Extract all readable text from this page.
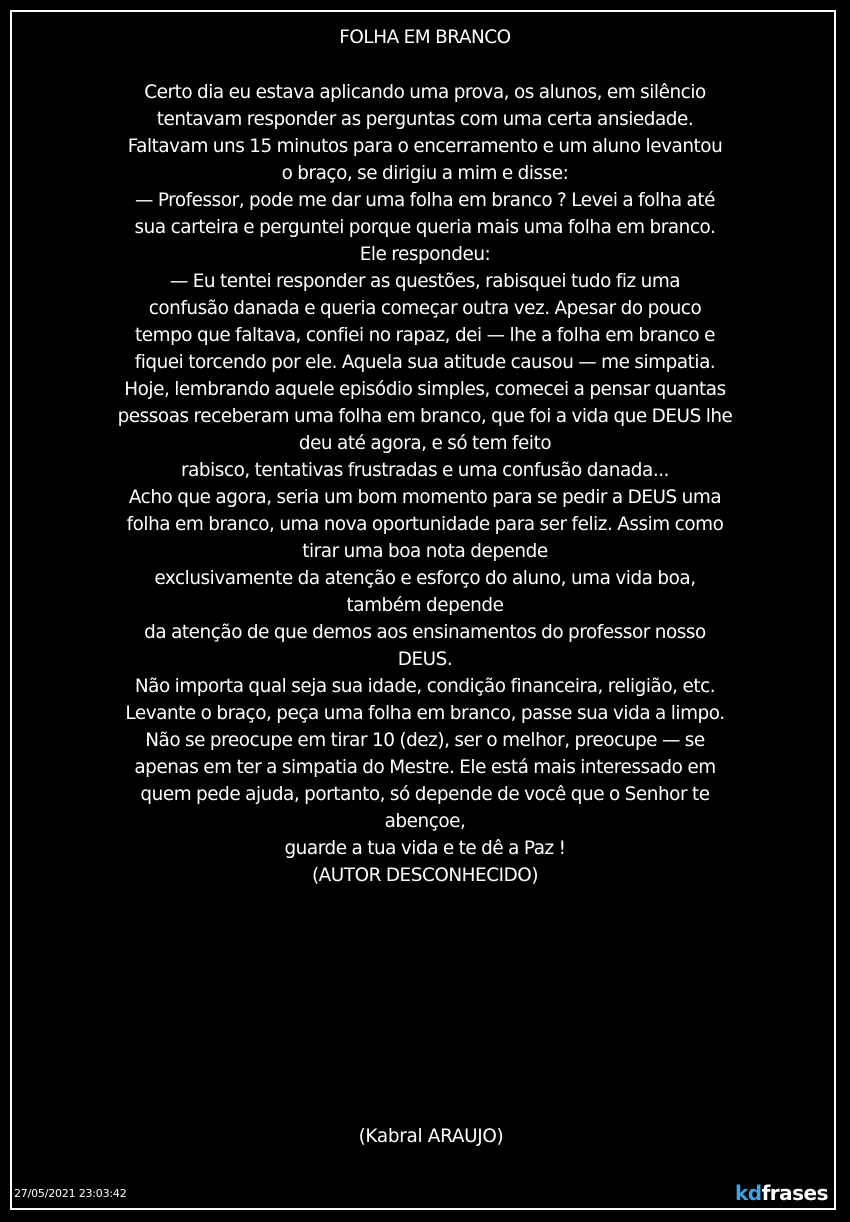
FOLHA EM BRANCO
Certo dia eu estava aplicando uma prova, os alunos, em silêncio
tentavam responder as perguntas com uma certa ansiedade.
Faltavam uns 15 minutos para o encerramento e um aluno levantou
o braço, se dirigiu a mim e disse:
— Professor, pode me dar uma folha em branco ? Levei a folha até
sua carteira e perguntei porque queria mais uma folha em branco.
Ele respondeu:
— Eu tentei responder as questões, rabisquei tudo fiz uma
confusão danada e queria começar outra vez. Apesar do pouco
tempo que faltava, confiei no rapaz, dei — lhe a folha em branco e
fiquei torcendo por ele. Aquela sua atitude causou — me simpatia.
Hoje, lembrando aquele episódio simples, comecei a pensar quantas
pessoas receberam uma folha em branco, que foi a vida que DEUS lhe
deu até agora, e só tem feito
rabisco, tentativas frustradas e uma confusão danada...
Acho que agora, seria um bom momento para se pedir a DEUS uma
folha em branco, uma nova oportunidade para ser feliz. Assim como
tirar uma boa nota depende
exclusivamente da atenção e esforço do aluno, uma vida boa,
também depende
da atenção de que demos aos ensinamentos do professor nosso
DEUS.
Não importa qual seja sua idade, condição financeira, religião, etc.
Levante o braço, peça uma folha em branco, passe sua vida a limpo.
Não se preocupe em tirar 10 (dez), ser o melhor, preocupe — se
apenas em ter a simpatia do Mestre. Ele está mais interessado em
quem pede ajuda, portanto, só depende de você que o Senhor te
abençoe,
guarde a tua vida e te dê a Paz !
(AUTOR DESCONHECIDO)
(Kabral ARAUJO)
27/05/2021 23:03:42	kdfrases
